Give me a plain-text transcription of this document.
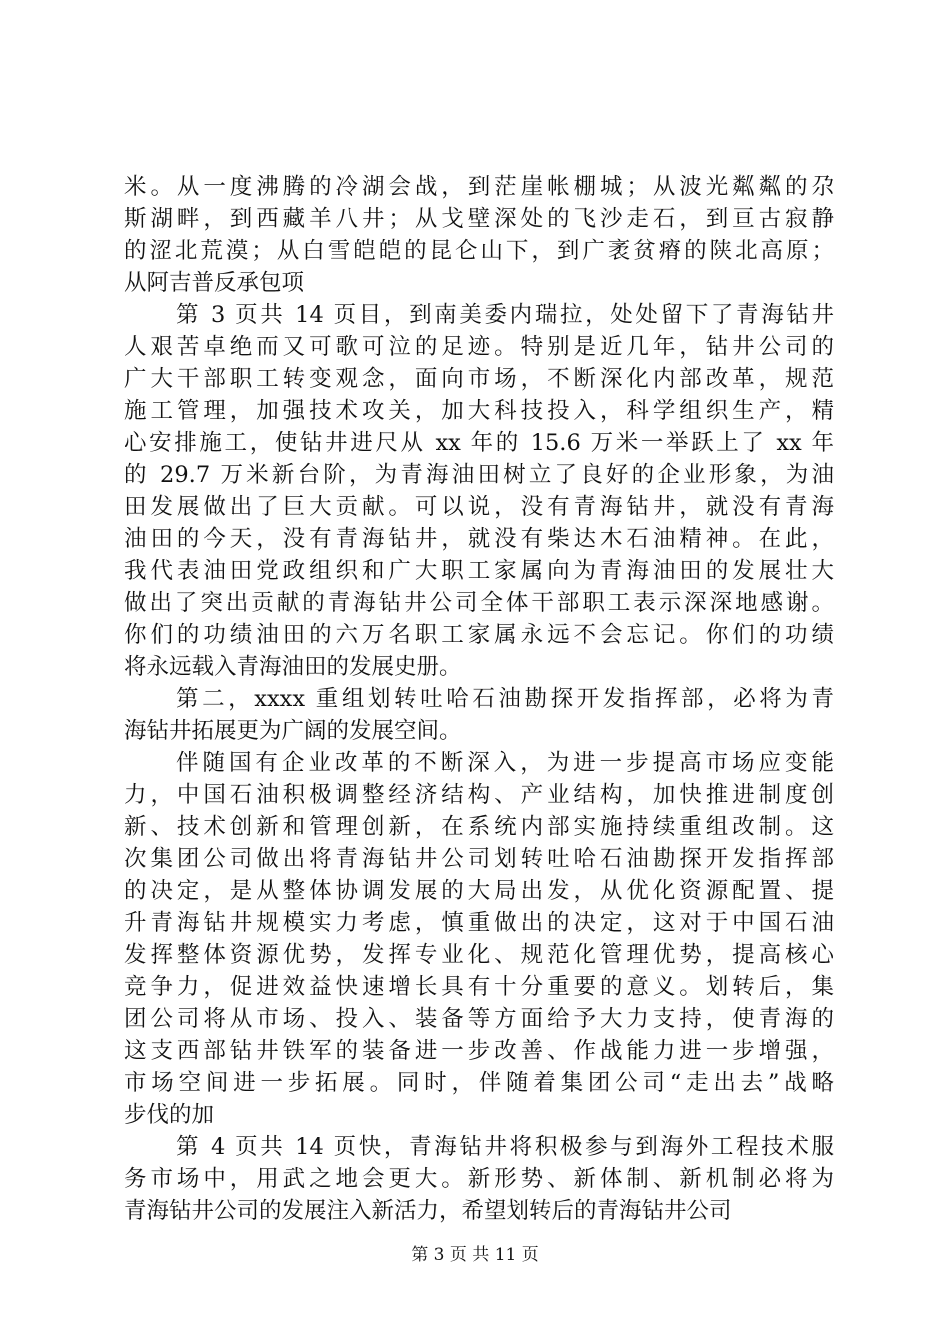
米。从一度沸腾的冷湖会战，到茫崖帐棚城；从波光粼粼的尕
斯湖畔，到西藏羊八井；从戈壁深处的飞沙走石，到亘古寂静
的涩北荒漠；从白雪皑皑的昆仑山下，到广袤贫瘠的陕北高原；
从阿吉普反承包项
第 3 页共 14 页目，到南美委内瑞拉，处处留下了青海钻井
人艰苦卓绝而又可歌可泣的足迹。特别是近几年，钻井公司的
广大干部职工转变观念，面向市场，不断深化内部改革，规范
施工管理，加强技术攻关，加大科技投入，科学组织生产，精
心安排施工，使钻井进尺从 xx 年的 15.6 万米一举跃上了 xx 年
的 29.7 万米新台阶，为青海油田树立了良好的企业形象，为油
田发展做出了巨大贡献。可以说，没有青海钻井，就没有青海
油田的今天，没有青海钻井，就没有柴达木石油精神。在此，
我代表油田党政组织和广大职工家属向为青海油田的发展壮大
做出了突出贡献的青海钻井公司全体干部职工表示深深地感谢。
你们的功绩油田的六万名职工家属永远不会忘记。你们的功绩
将永远载入青海油田的发展史册。
第二，xxxx 重组划转吐哈石油勘探开发指挥部，必将为青
海钻井拓展更为广阔的发展空间。
伴随国有企业改革的不断深入，为进一步提高市场应变能
力，中国石油积极调整经济结构、产业结构，加快推进制度创
新、技术创新和管理创新，在系统内部实施持续重组改制。这
次集团公司做出将青海钻井公司划转吐哈石油勘探开发指挥部
的决定，是从整体协调发展的大局出发，从优化资源配置、提
升青海钻井规模实力考虑，慎重做出的决定，这对于中国石油
发挥整体资源优势，发挥专业化、规范化管理优势，提高核心
竞争力，促进效益快速增长具有十分重要的意义。划转后，集
团公司将从市场、投入、装备等方面给予大力支持，使青海的
这支西部钻井铁军的装备进一步改善、作战能力进一步增强，
市场空间进一步拓展。同时，伴随着集团公司“走出去”战略
步伐的加
第 4 页共 14 页快，青海钻井将积极参与到海外工程技术服
务市场中，用武之地会更大。新形势、新体制、新机制必将为
青海钻井公司的发展注入新活力，希望划转后的青海钻井公司
第 3 页 共 11 页
